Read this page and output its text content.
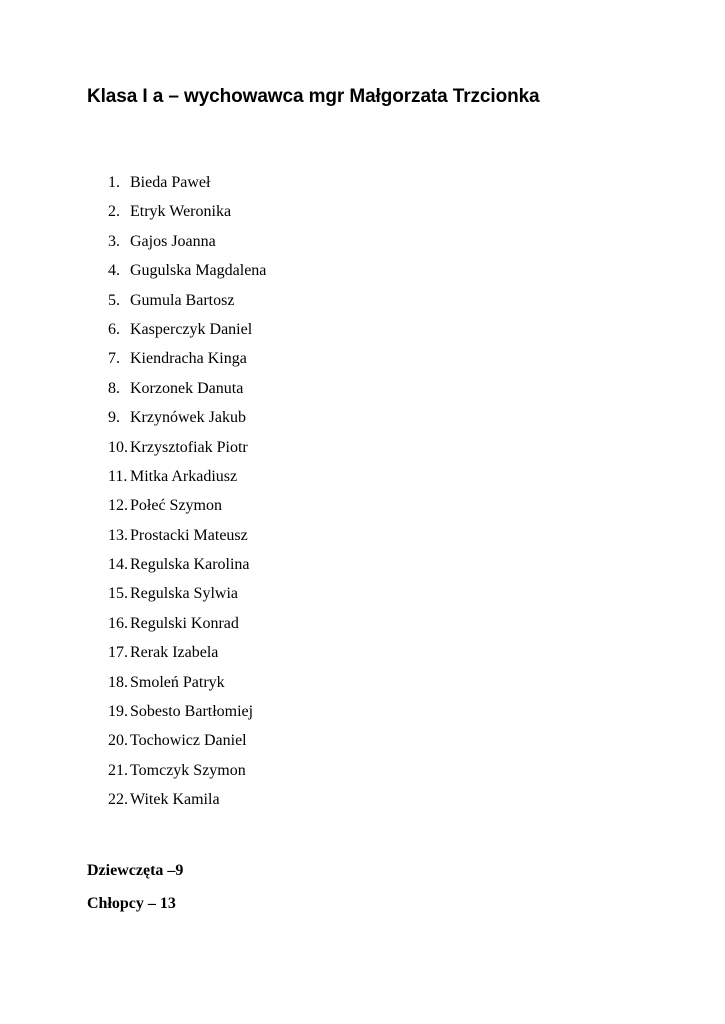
Klasa I a – wychowawca mgr Małgorzata Trzcionka
1. Bieda Paweł
2. Etryk Weronika
3. Gajos Joanna
4. Gugulska Magdalena
5. Gumula Bartosz
6. Kasperczyk Daniel
7. Kiendracha Kinga
8. Korzonek Danuta
9. Krzynówek Jakub
10. Krzysztofiak Piotr
11. Mitka Arkadiusz
12. Połeć Szymon
13. Prostacki Mateusz
14. Regulska Karolina
15. Regulska Sylwia
16. Regulski Konrad
17. Rerak Izabela
18. Smoleń Patryk
19. Sobesto Bartłomiej
20. Tochowicz Daniel
21. Tomczyk Szymon
22. Witek Kamila

Dziewczęta –9

Chłopcy – 13
